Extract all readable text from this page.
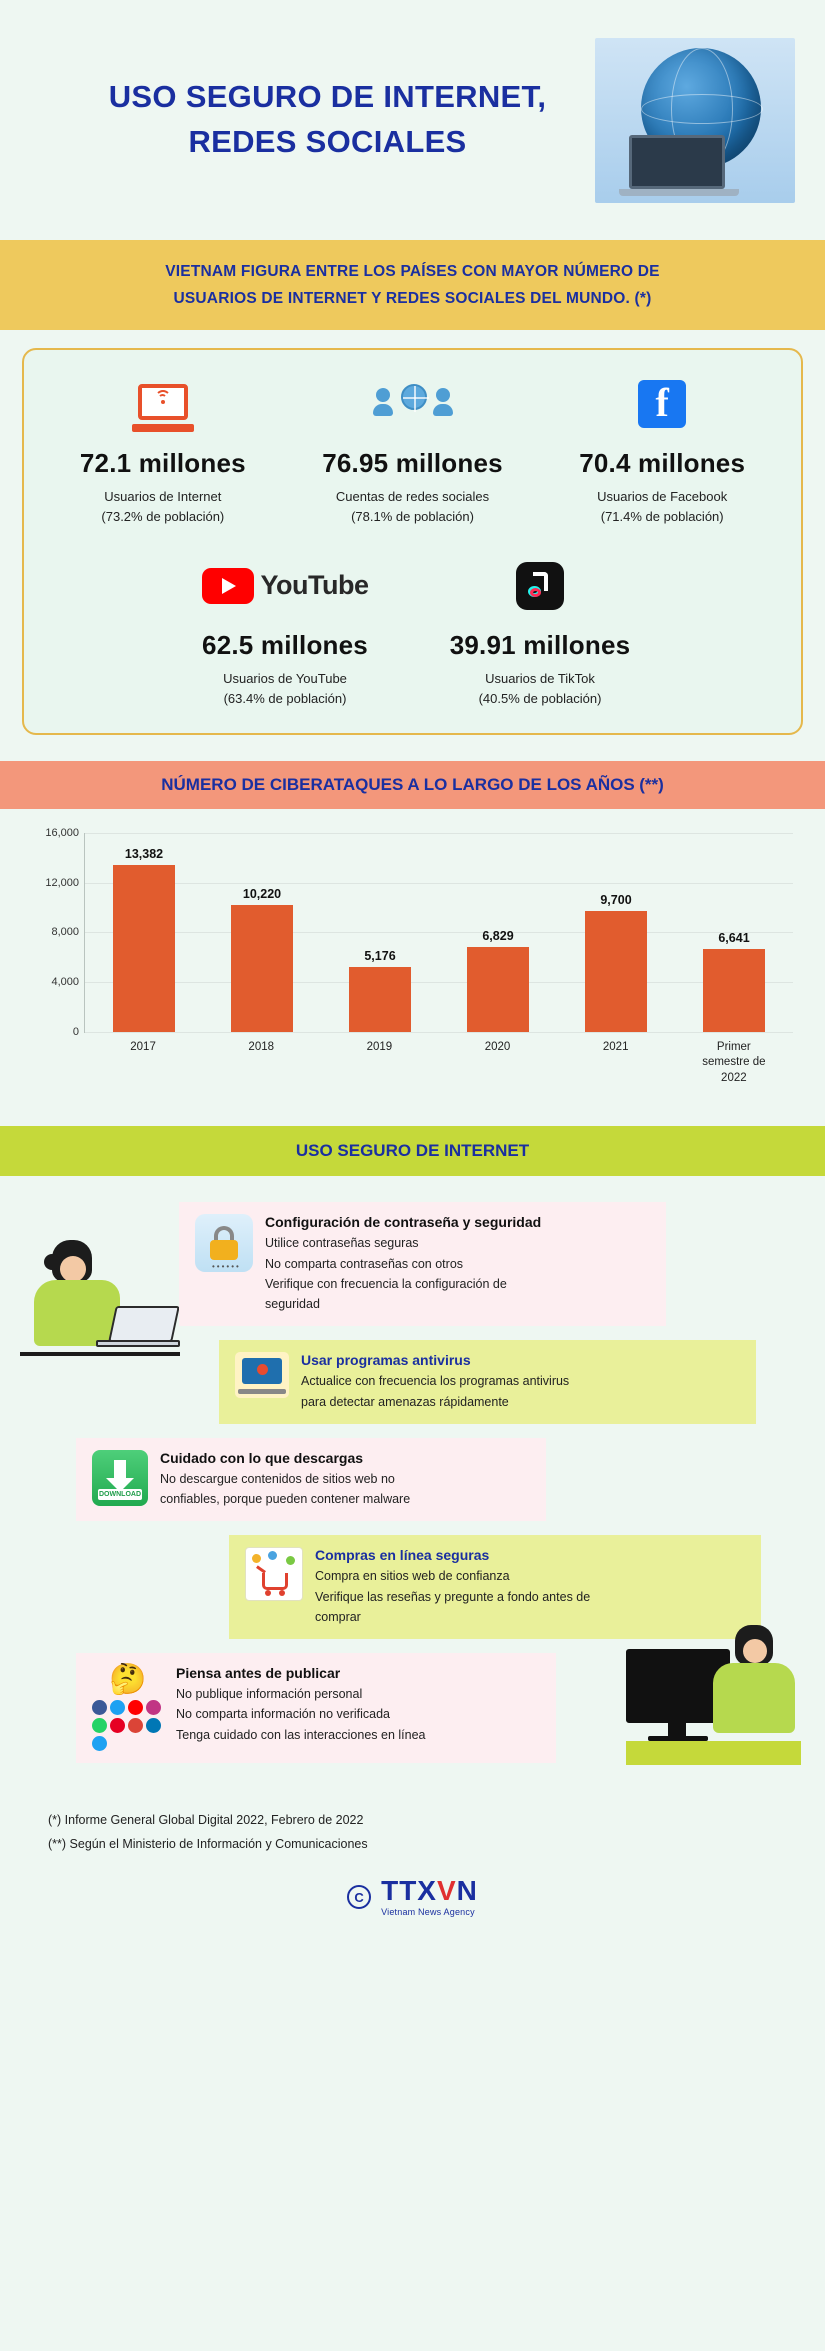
USO SEGURO DE INTERNET,
REDES SOCIALES
VIETNAM FIGURA ENTRE LOS PAÍSES CON MAYOR NÚMERO DE
USUARIOS DE INTERNET Y REDES SOCIALES DEL MUNDO. (*)
72.1 millones
Usuarios de Internet
(73.2% de población)
76.95 millones
Cuentas de redes sociales
(78.1% de población)
f
70.4 millones
Usuarios de Facebook
(71.4% de población)
YouTube
62.5 millones
Usuarios de YouTube
(63.4% de población)
39.91 millones
Usuarios de TikTok
(40.5% de población)
NÚMERO DE CIBERATAQUES A LO LARGO DE LOS AÑOS (**)
0
4,000
8,000
12,000
16,000
13,382
10,220
5,176
6,829
9,700
6,641
2017	2018	2019	2020	2021	Primer
semestre de
2022
USO SEGURO DE INTERNET
••••••
Configuración de contraseña y seguridad
Utilice contraseñas seguras
No comparta contraseñas con otros
Verifique con frecuencia la configuración de
seguridad
Usar programas antivirus
Actualice con frecuencia los programas antivirus
para detectar amenazas rápidamente
DOWNLOAD
Cuidado con lo que descargas
No descargue contenidos de sitios web no
confiables, porque pueden contener malware
Compras en línea seguras
Compra en sitios web de confianza
Verifique las reseñas y pregunte a fondo antes de
comprar
🤔	Piensa antes de publicar
No publique información personal
No comparta información no verificada
Tenga cuidado con las interacciones en línea
(*) Informe General Global Digital 2022, Febrero de 2022
(**) Según el Ministerio de Información y Comunicaciones
C TTXVN
Vietnam News Agency
